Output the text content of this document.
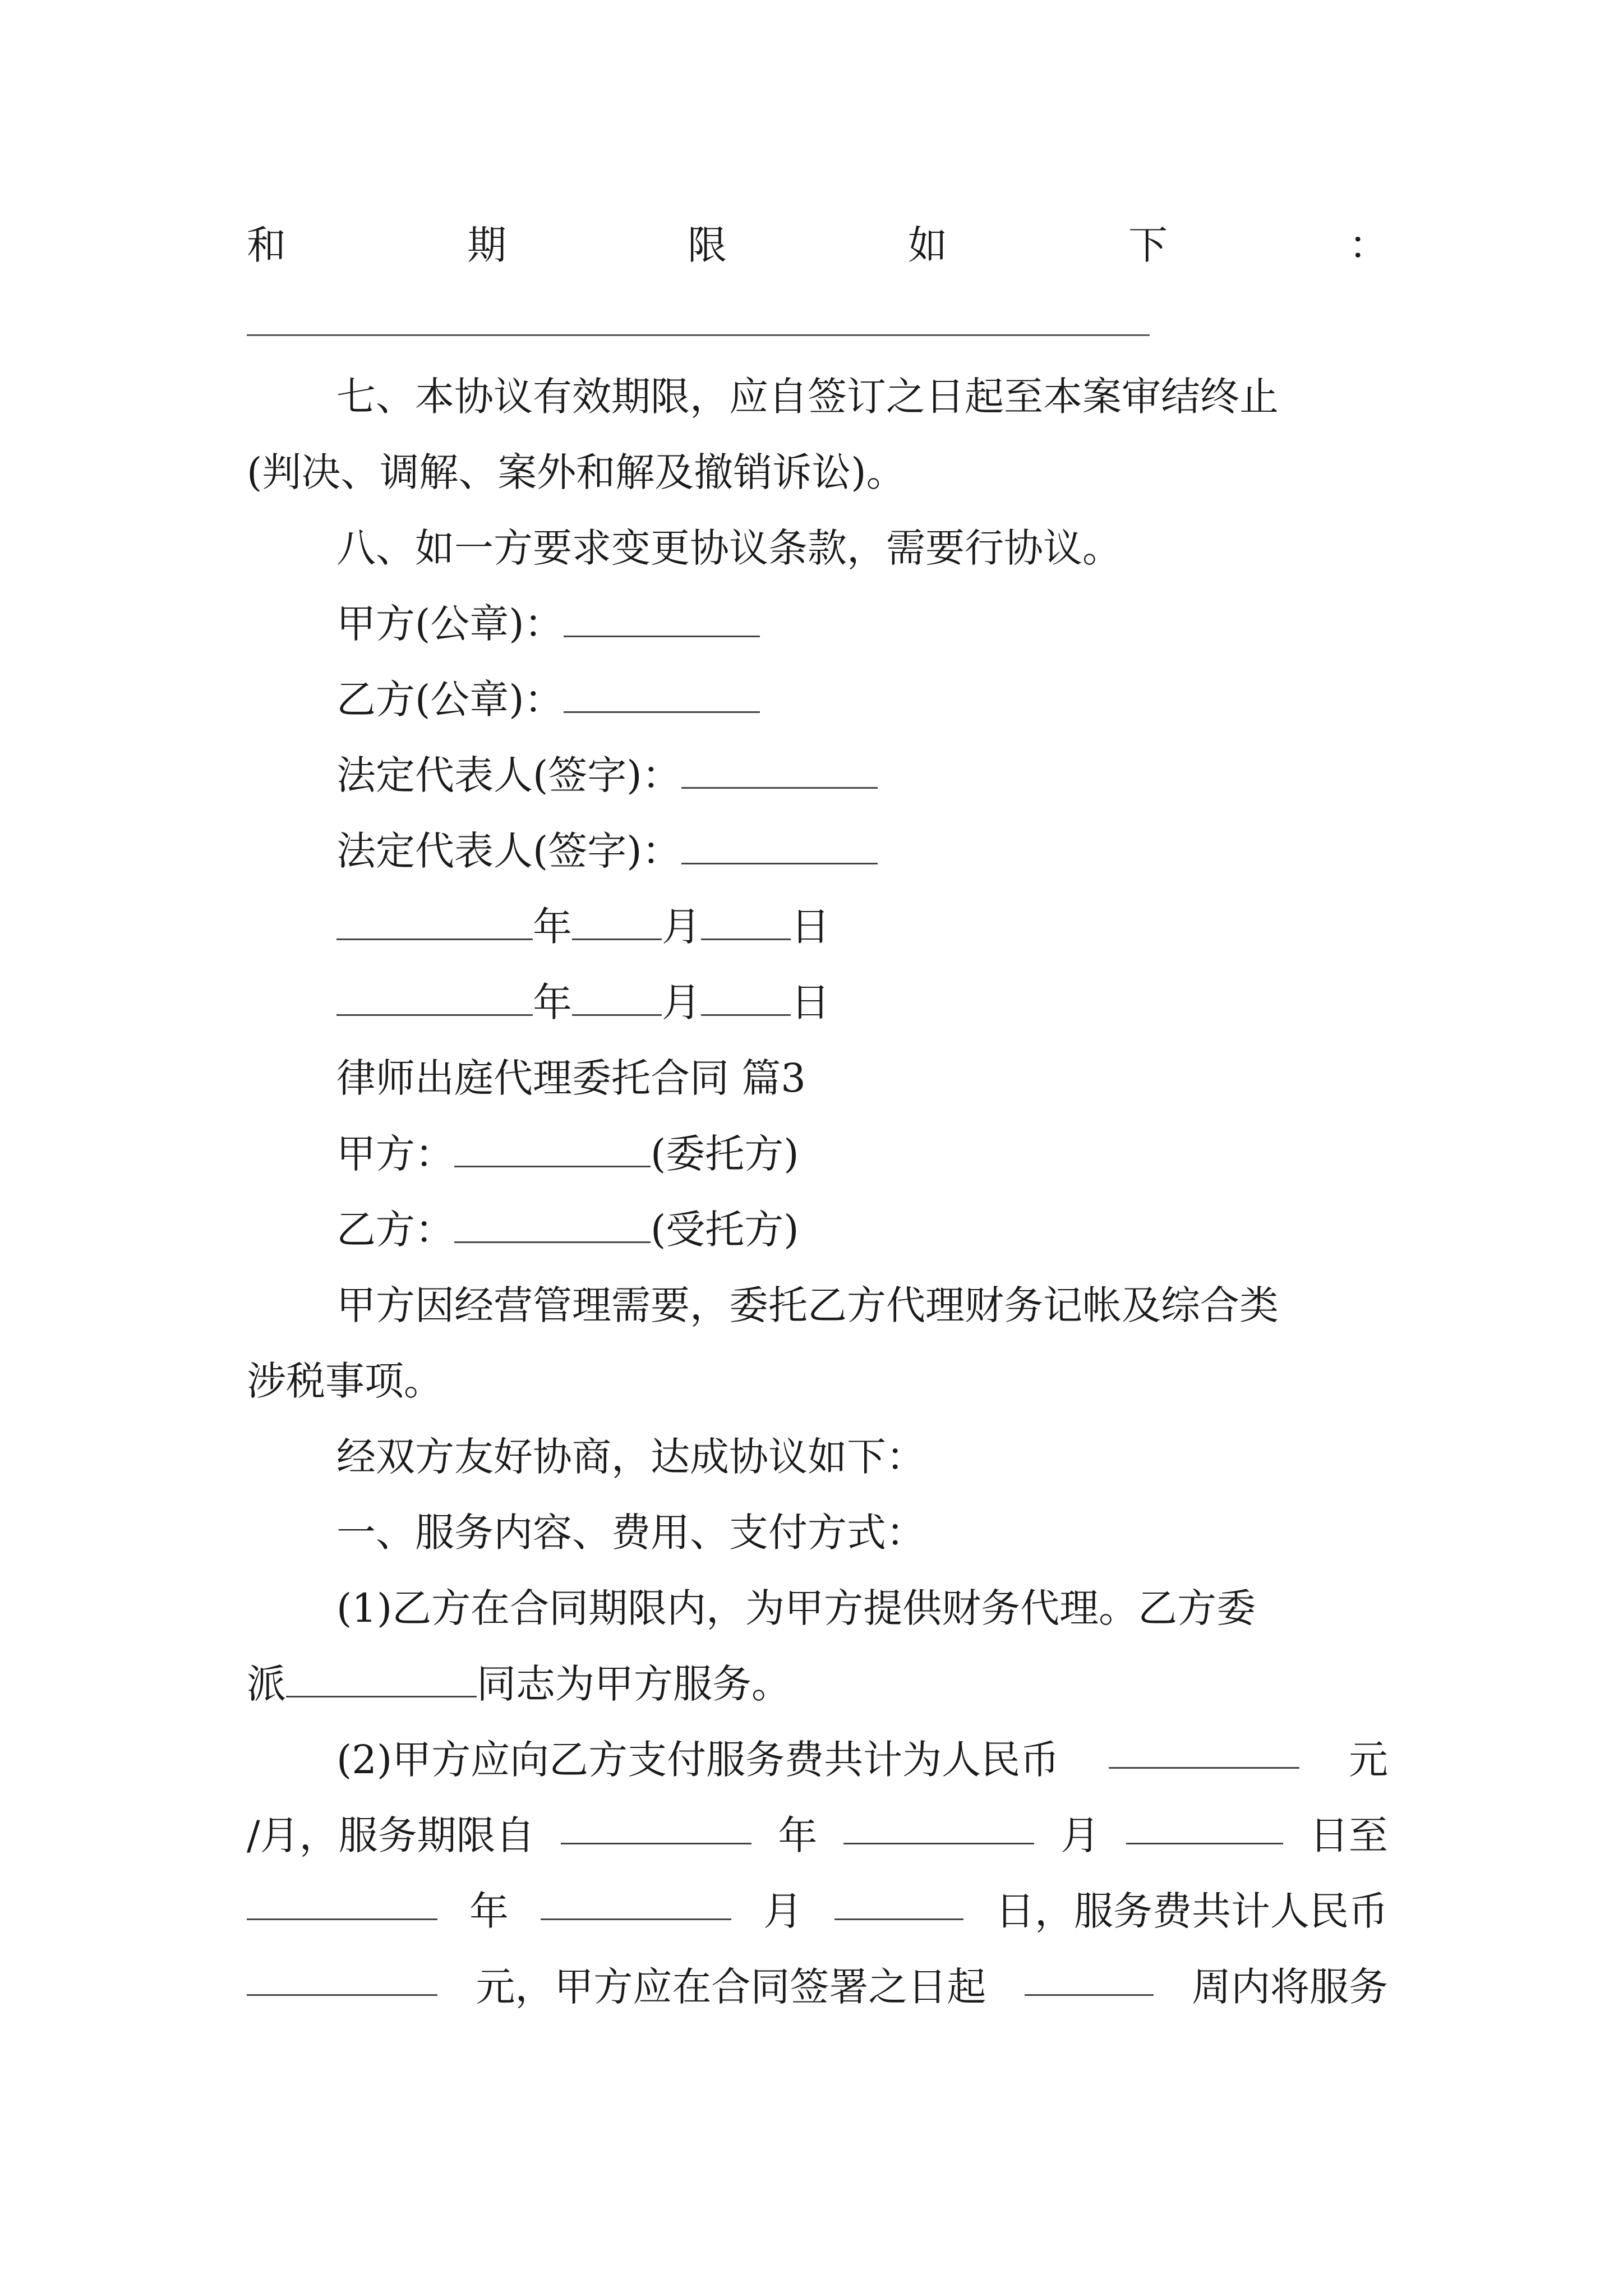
和	期	限	如	下	：
七、本协议有效期限，应自签订之日起至本案审结终止
(判决、调解、案外和解及撤销诉讼)。
八、如一方要求变更协议条款，需要行协议。
甲方(公章)：
乙方(公章)：
法定代表人(签字)：
法定代表人(签字)：
年 月 日
年 月 日
律师出庭代理委托合同 篇3
甲方：	(委托方)
乙方：	(受托方)
甲方因经营管理需要，委托乙方代理财务记帐及综合类
涉税事项。
经双方友好协商，达成协议如下：
一、服务内容、费用、支付方式：
(1)乙方在合同期限内，为甲方提供财务代理。乙方委
派	同志为甲方服务。
(2)甲方应向乙方支付服务费共计为人民币	元
/月，服务期限自	年	月	日至
年	月	日，服务费共计人民币
元，甲方应在合同签署之日起	周内将服务
